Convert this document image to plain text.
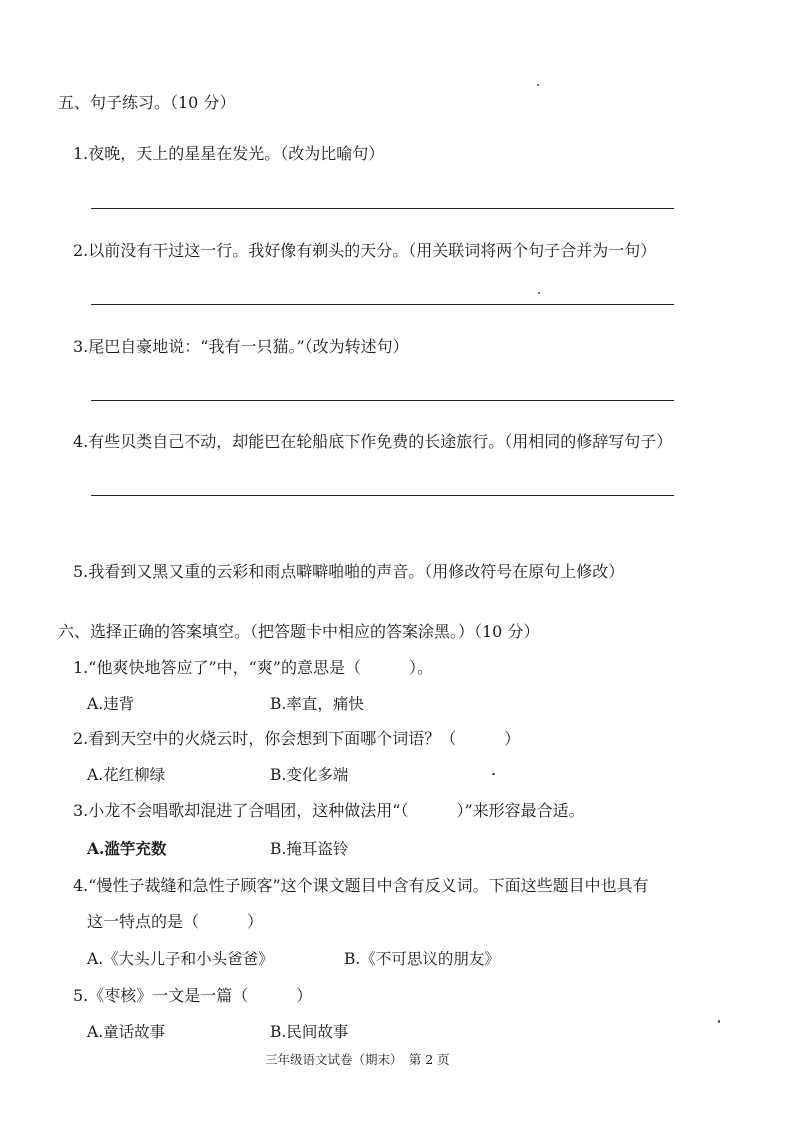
五、句子练习。（10 分）
1.夜晚，天上的星星在发光。（改为比喻句）
2.以前没有干过这一行。我好像有剃头的天分。（用关联词将两个句子合并为一句）
3.尾巴自豪地说：“我有一只猫。”（改为转述句）
4.有些贝类自己不动，却能巴在轮船底下作免费的长途旅行。（用相同的修辞写句子）
5.我看到又黑又重的云彩和雨点噼噼啪啪的声音。（用修改符号在原句上修改）
六、选择正确的答案填空。（把答题卡中相应的答案涂黑。）（10 分）
1.“他爽快地答应了”中，“爽”的意思是（　　　）。
A.违背	B.率直，痛快
2.看到天空中的火烧云时，你会想到下面哪个词语？（　　　）
A.花红柳绿	B.变化多端
3.小龙不会唱歌却混进了合唱团，这种做法用“（　　　）”来形容最合适。
A.滥竽充数	B.掩耳盗铃
4.“慢性子裁缝和急性子顾客”这个课文题目中含有反义词。下面这些题目中也具有
这一特点的是（　　　）
A.《大头儿子和小头爸爸》	B.《不可思议的朋友》
5.《枣核》一文是一篇（　　　）
A.童话故事	B.民间故事
三年级语文试卷（期末）　第 2 页
